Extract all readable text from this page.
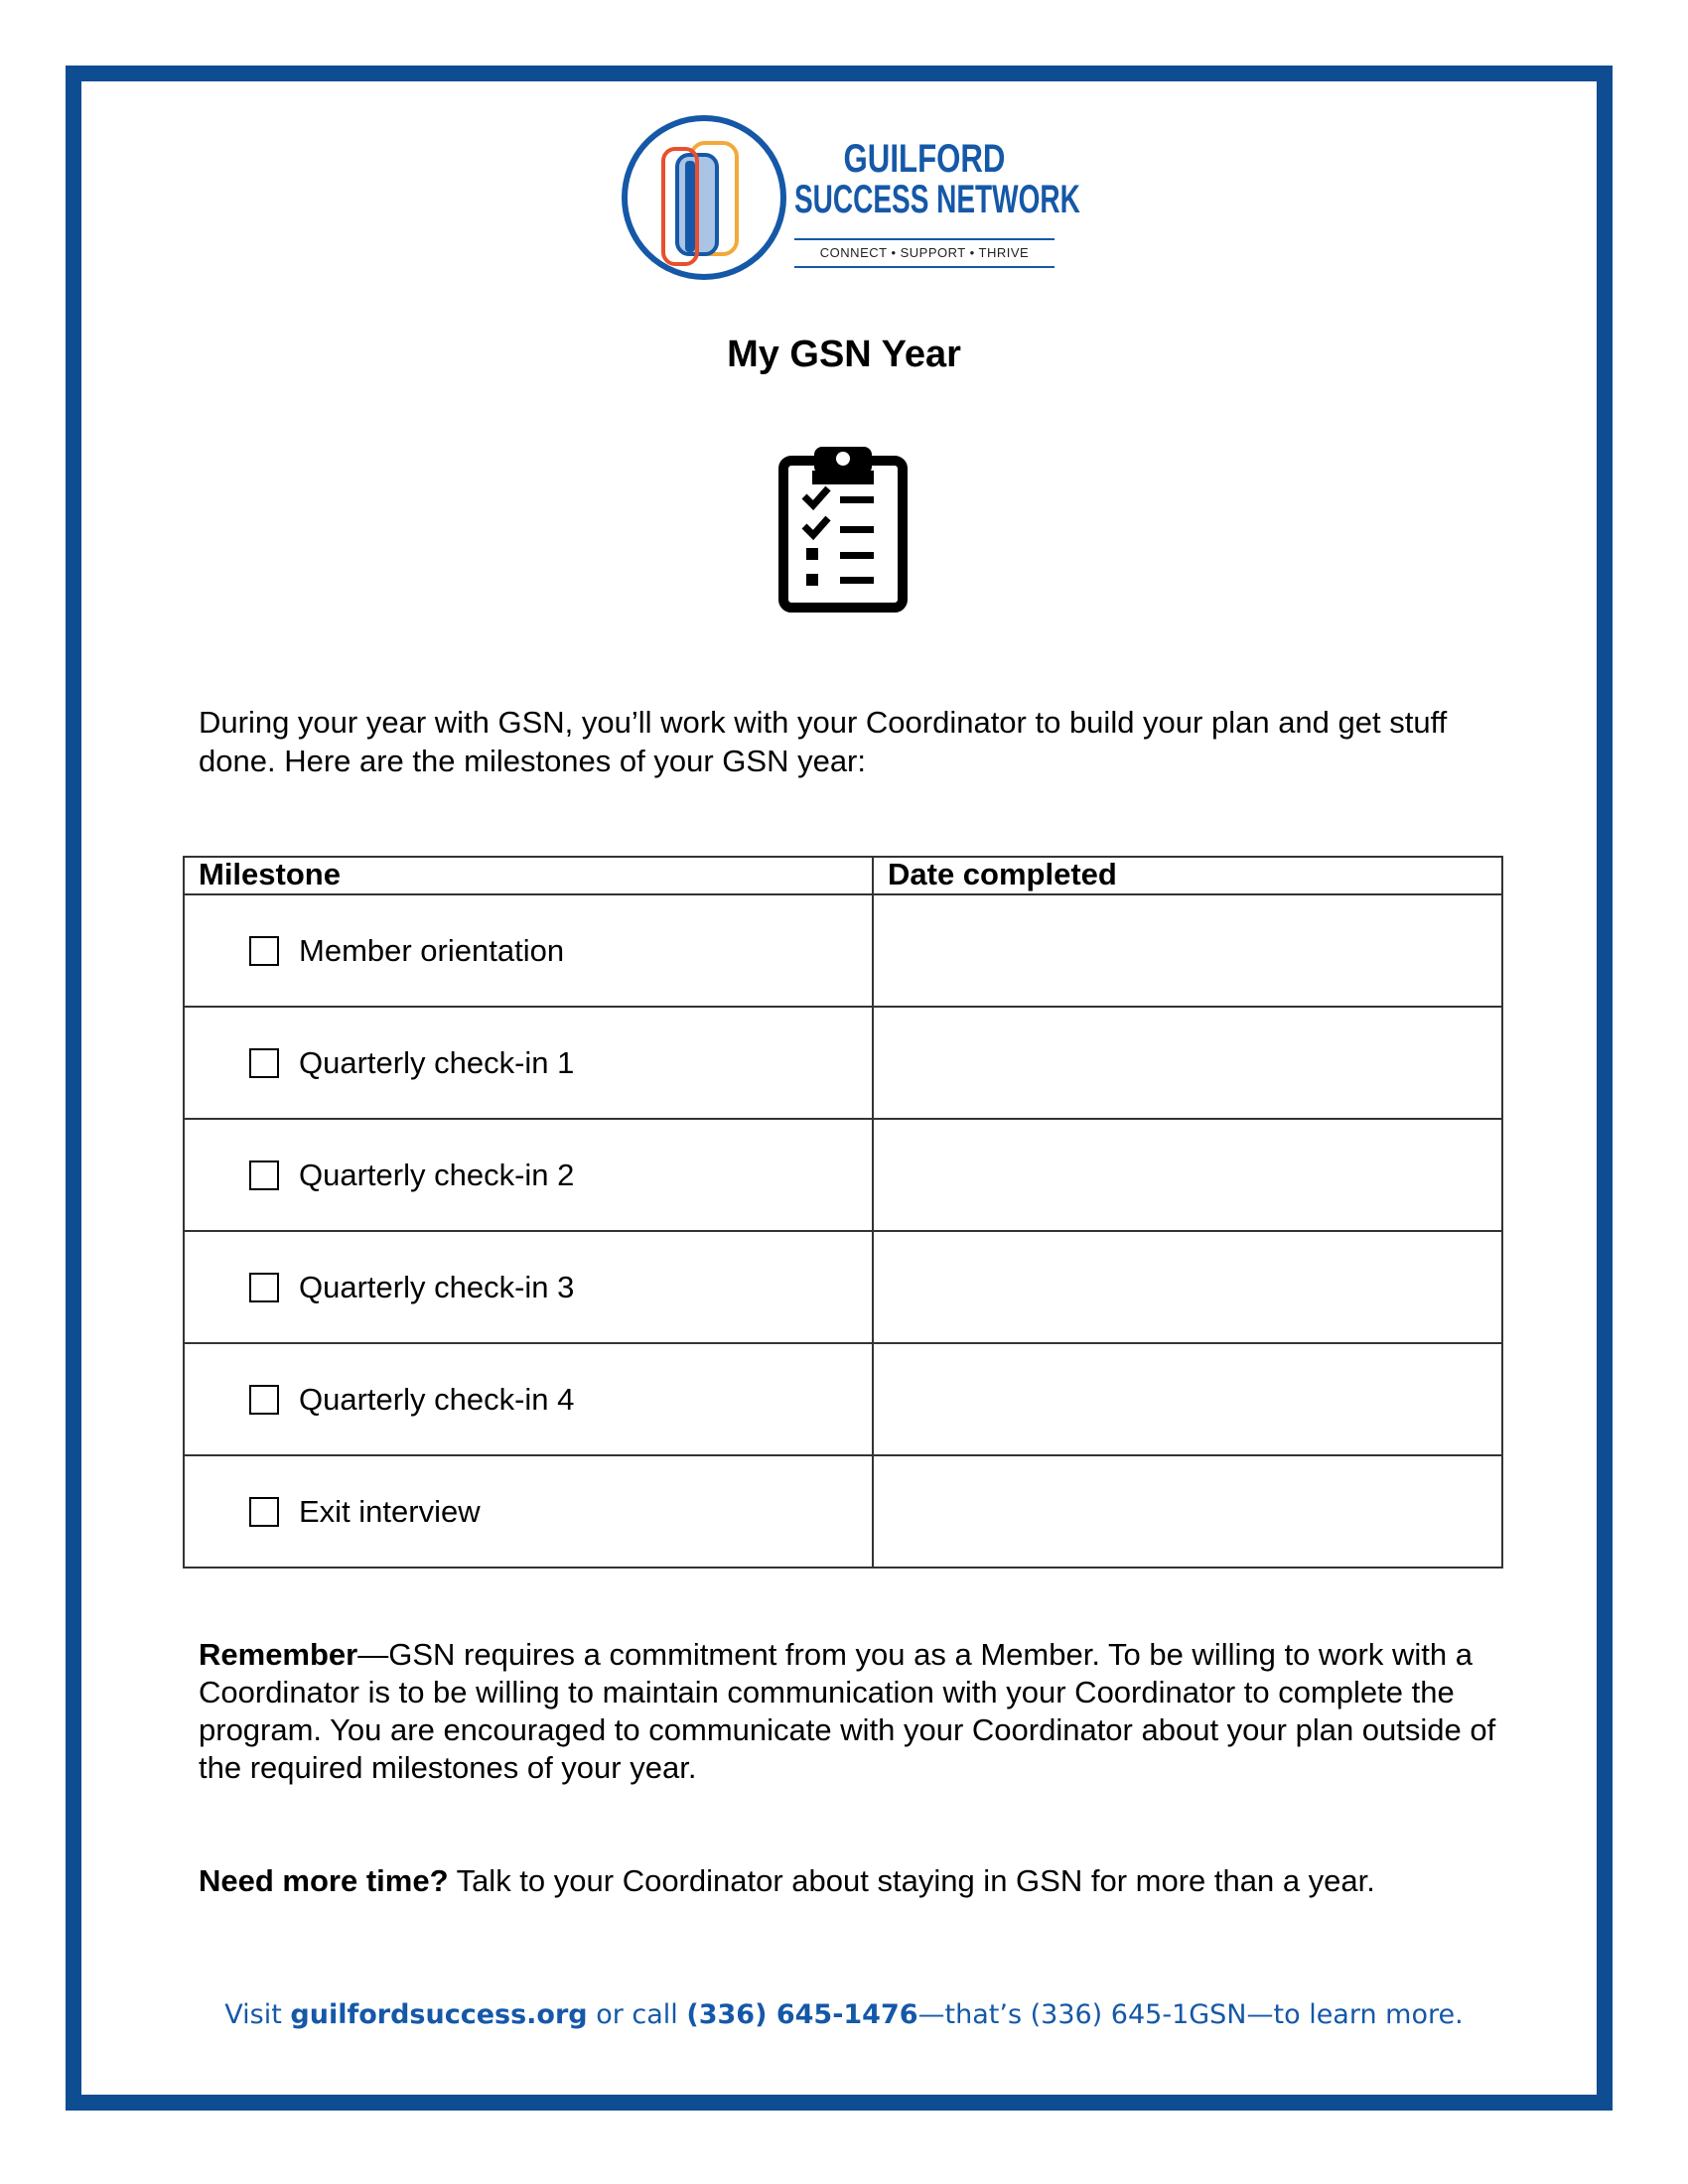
GUILFORD
SUCCESS NETWORK
CONNECT • SUPPORT • THRIVE
My GSN Year
During your year with GSN, you’ll work with your Coordinator to build your plan and get stuff done. Here are the milestones of your GSN year:
Milestone	Date completed

Member orientation	

Quarterly check-in 1	

Quarterly check-in 2	

Quarterly check-in 3	

Quarterly check-in 4	

Exit interview	

Remember—GSN requires a commitment from you as a Member. To be willing to work with a Coordinator is to be willing to maintain communication with your Coordinator to complete the program. You are encouraged to communicate with your Coordinator about your plan outside of the required milestones of your year.
Need more time? Talk to your Coordinator about staying in GSN for more than a year.
Visit guilfordsuccess.org or call (336) 645-1476—that’s (336) 645-1GSN—to learn more.
